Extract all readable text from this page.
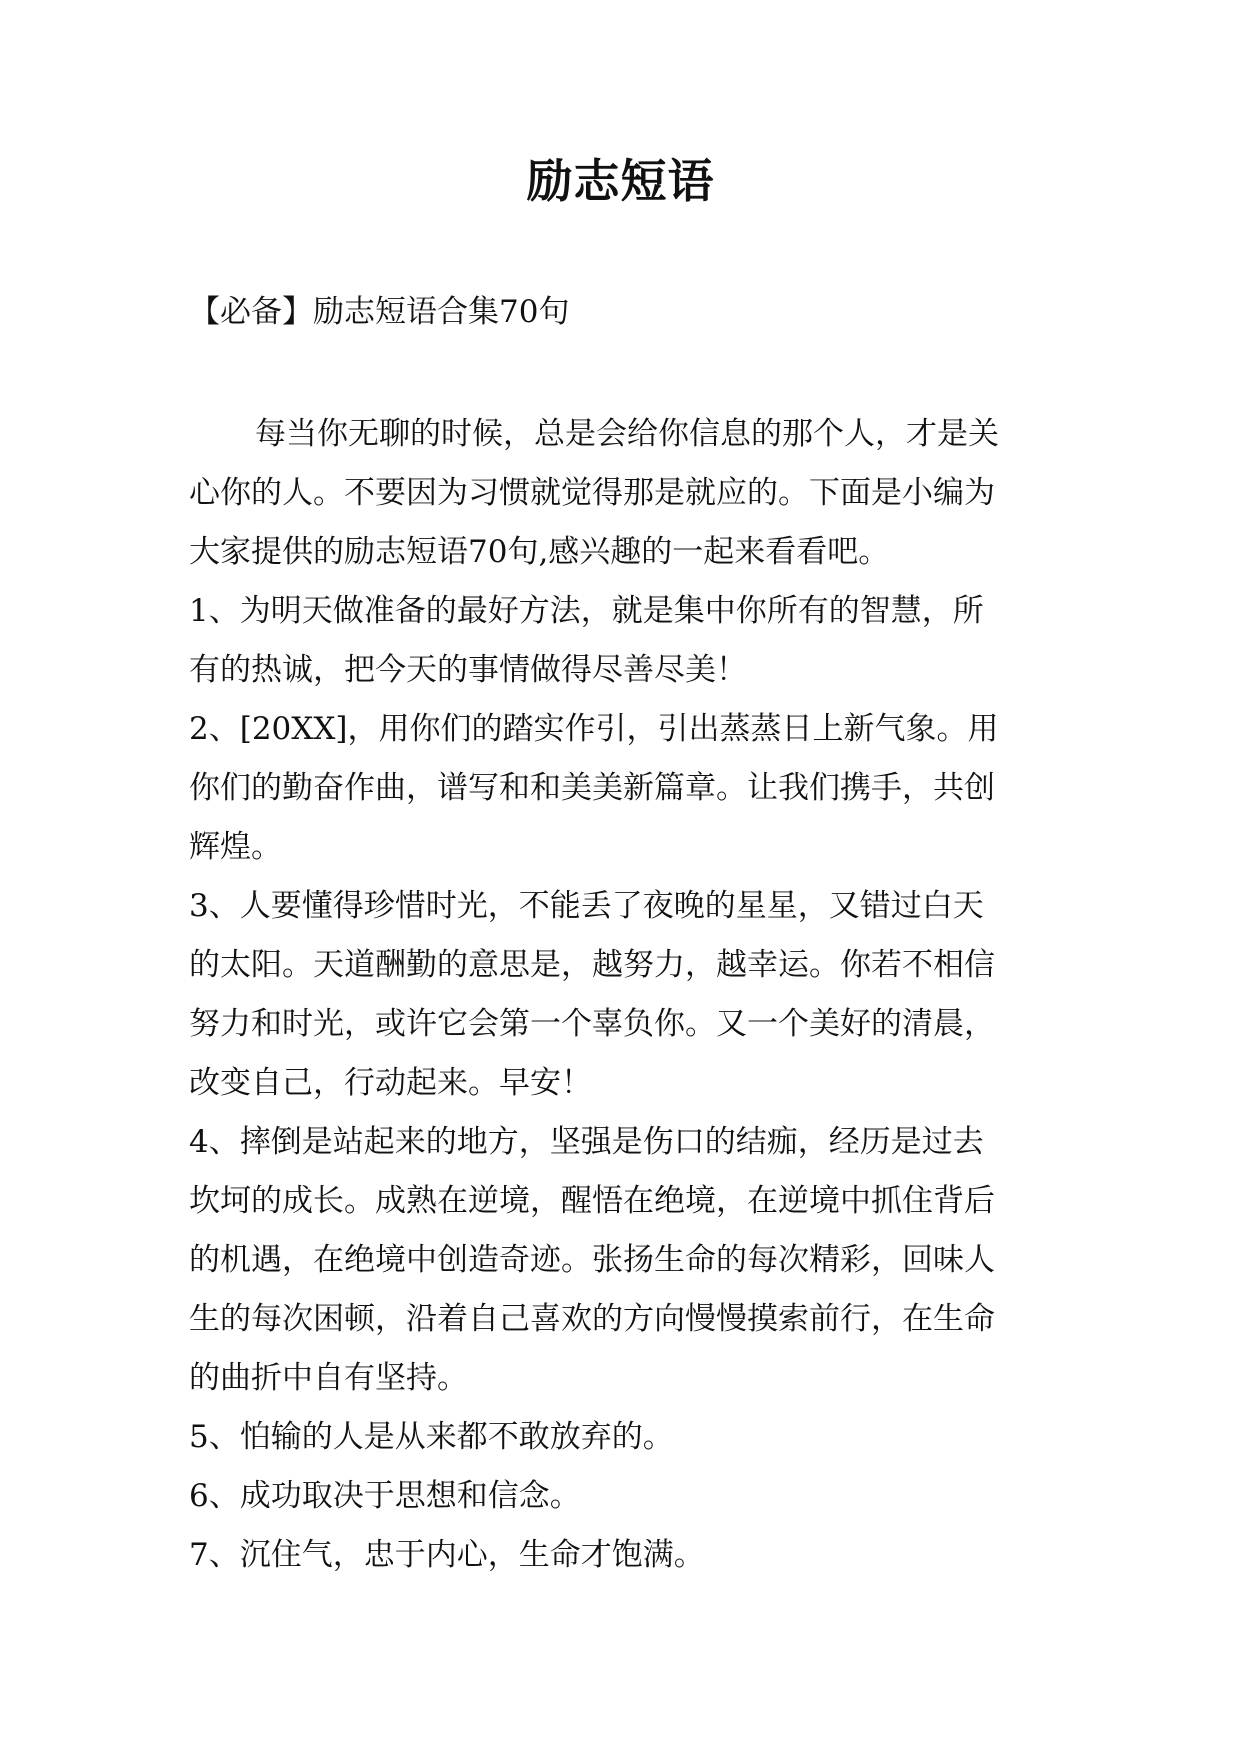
励志短语
【必备】励志短语合集70句
每当你无聊的时候，总是会给你信息的那个人，才是关
心你的人。不要因为习惯就觉得那是就应的。下面是小编为
大家提供的励志短语70句,感兴趣的一起来看看吧。
1、为明天做准备的最好方法，就是集中你所有的智慧，所
有的热诚，把今天的事情做得尽善尽美！
2、[20XX]，用你们的踏实作引，引出蒸蒸日上新气象。用
你们的勤奋作曲，谱写和和美美新篇章。让我们携手，共创
辉煌。
3、人要懂得珍惜时光，不能丢了夜晚的星星，又错过白天
的太阳。天道酬勤的意思是，越努力，越幸运。你若不相信
努力和时光，或许它会第一个辜负你。又一个美好的清晨，
改变自己，行动起来。早安！
4、摔倒是站起来的地方，坚强是伤口的结痂，经历是过去
坎坷的成长。成熟在逆境，醒悟在绝境，在逆境中抓住背后
的机遇，在绝境中创造奇迹。张扬生命的每次精彩，回味人
生的每次困顿，沿着自己喜欢的方向慢慢摸索前行，在生命
的曲折中自有坚持。
5、怕输的人是从来都不敢放弃的。
6、成功取决于思想和信念。
7、沉住气，忠于内心，生命才饱满。
